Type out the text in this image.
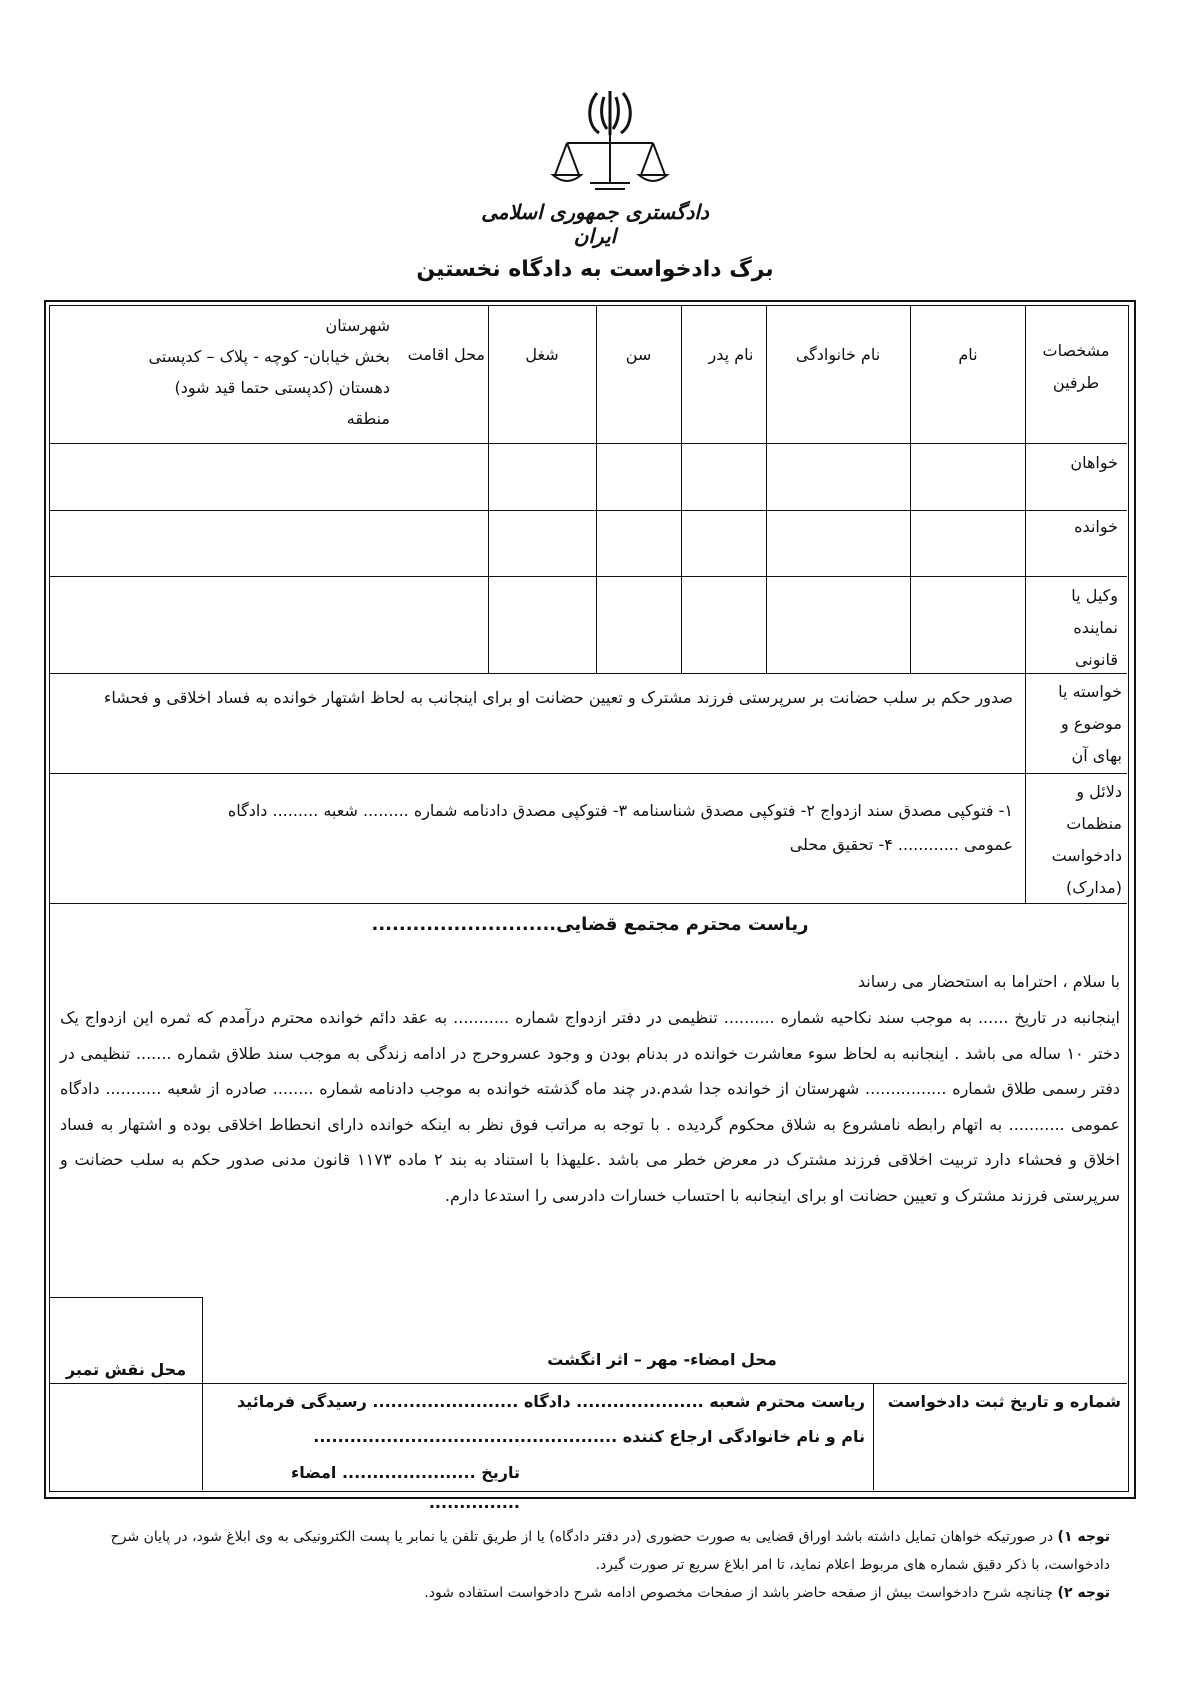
دادگستری جمهوری اسلامی ایران
برگ دادخواست به دادگاه نخستین
مشخصات طرفین
نام
نام خانوادگی
نام پدر
سن
شغل
محل اقامت
شهرستان
بخش خیابان- کوچه - پلاک – کدپستی
دهستان (کدپستی حتما قید شود)
منطقه
خواهان
خوانده
وکیل یا نماینده قانونی
خواسته یا موضوع و بهای آن
صدور حکم بر سلب حضانت بر سرپرستی فرزند مشترک و تعیین حضانت او برای اینجانب به لحاظ اشتهار خوانده به فساد اخلاقی و فحشاء
دلائل و منظمات دادخواست (مدارک)
۱- فتوکپی مصدق سند ازدواج ۲- فتوکپی مصدق شناسنامه ۳- فتوکپی مصدق دادنامه شماره ......... شعبه ......... دادگاه
عمومی ............ ۴- تحقیق محلی
ریاست محترم مجتمع قضایی...........................
با سلام ، احتراما به استحضار می رساند
اینجانبه در تاریخ ...... به موجب سند نکاحیه شماره .......... تنظیمی در دفتر ازدواج شماره ........... به عقد دائم خوانده محترم درآمدم که ثمره این ازدواج یک دختر ۱۰ ساله می باشد . اینجانبه به لحاظ سوء معاشرت خوانده در بدنام بودن و وجود عسروحرج در ادامه زندگی به موجب سند طلاق شماره ....... تنظیمی در دفتر رسمی طلاق شماره ................ شهرستان از خوانده جدا شدم.در چند ماه گذشته خوانده به موجب دادنامه شماره ........ صادره از شعبه ........... دادگاه عمومی ........... به اتهام رابطه نامشروع به شلاق محکوم گردیده . با توجه به مراتب فوق نظر به اینکه خوانده دارای انحطاط اخلاقی بوده و اشتهار به فساد اخلاق و فحشاء دارد تربیت اخلاقی فرزند مشترک در معرض خطر می باشد .علیهذا با استناد به بند ۲ ماده ۱۱۷۳ قانون مدنی صدور حکم به سلب حضانت و سرپرستی فرزند مشترک و تعیین حضانت او برای اینجانبه با احتساب خسارات دادرسی را استدعا دارم.
محل نقش تمبر
محل امضاء- مهر – اثر انگشت
شماره و تاریخ ثبت دادخواست
ریاست محترم شعبه ..................... دادگاه ........................ رسیدگی فرمائید
نام و نام خانوادگی ارجاع کننده ..................................................
تاریخ ...................... امضاء ...............
توجه ۱) در صورتیکه خواهان تمایل داشته باشد اوراق قضایی به صورت حضوری (در دفتر دادگاه) یا از طریق تلفن یا نمابر یا پست الکترونیکی به وی ابلاغ شود، در پایان شرح دادخواست، با ذکر دقیق شماره های مربوط اعلام نماید، تا امر ابلاغ سریع تر صورت گیرد.
توجه ۲) چنانچه شرح دادخواست بیش از صفحه حاضر باشد از صفحات مخصوص ادامه شرح دادخواست استفاده شود.
